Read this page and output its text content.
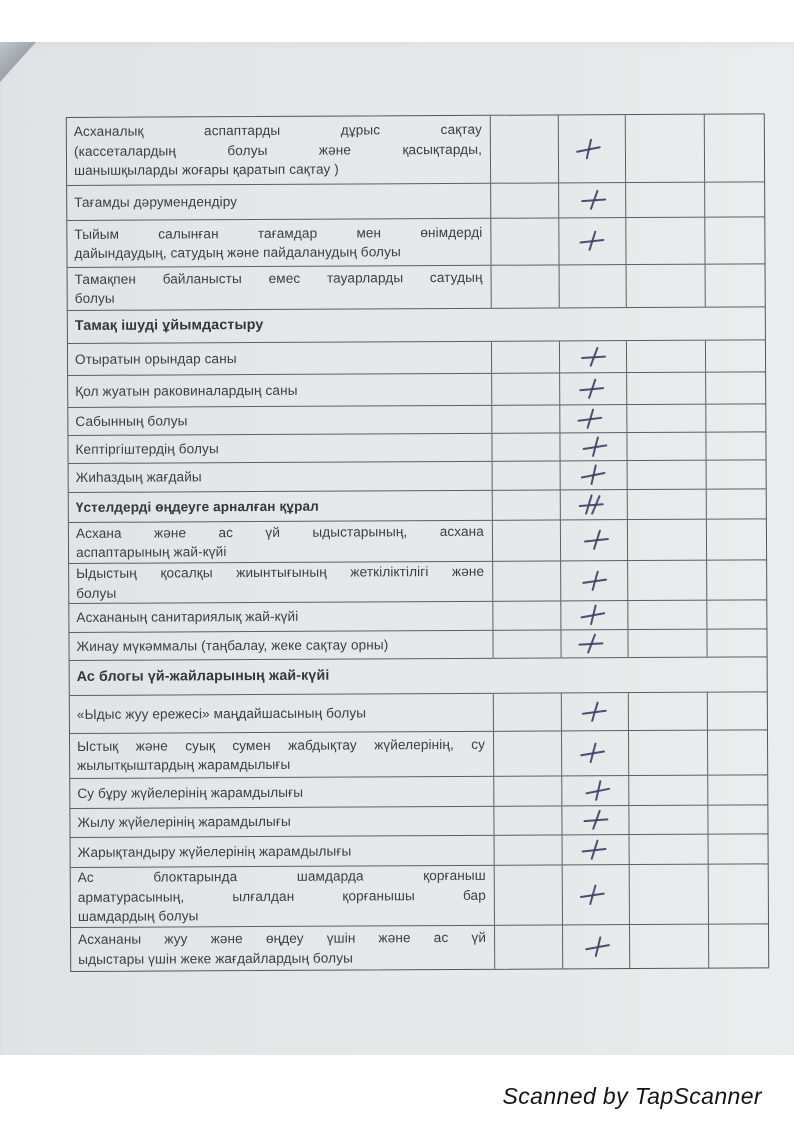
Асханалық аспаптарды дұрыс сақтау
(кассеталардың болуы және қасықтарды,
шанышқыларды жоғары қаратып сақтау )
Тағамды дәрумендендіру
Тыйым салынған тағамдар мен өнімдерді
дайындаудың, сатудың және пайдаланудың болуы
Тамақпен байланысты емес тауарларды сатудың
болуы
Тамақ ішуді ұйымдастыру
Отыратын орындар саны
Қол жуатын раковиналардың саны
Сабынның болуы
Кептіргіштердің болуы
Жиһаздың жағдайы
Үстелдерді өңдеуге арналған құрал
Асхана және ас үй ыдыстарының, асхана
аспаптарының жай-күйі
Ыдыстың қосалқы жиынтығының жеткіліктілігі және
болуы
Асхананың санитариялық жай-күйі
Жинау мүкәммалы (таңбалау, жеке сақтау орны)
Ас блогы үй-жайларының жай-күйі
«Ыдыс жуу ережесі» маңдайшасының болуы
Ыстық және суық сумен жабдықтау жүйелерінің, су
жылытқыштардың жарамдылығы
Су бұру жүйелерінің жарамдылығы
Жылу жүйелерінің жарамдылығы
Жарықтандыру жүйелерінің жарамдылығы
Ас блоктарында шамдарда қорғаныш
арматурасының, ылғалдан қорғанышы бар
шамдардың болуы
Асхананы жуу және өңдеу үшін және ас үй
ыдыстары үшін жеке жағдайлардың болуы
Scanned by TapScanner
